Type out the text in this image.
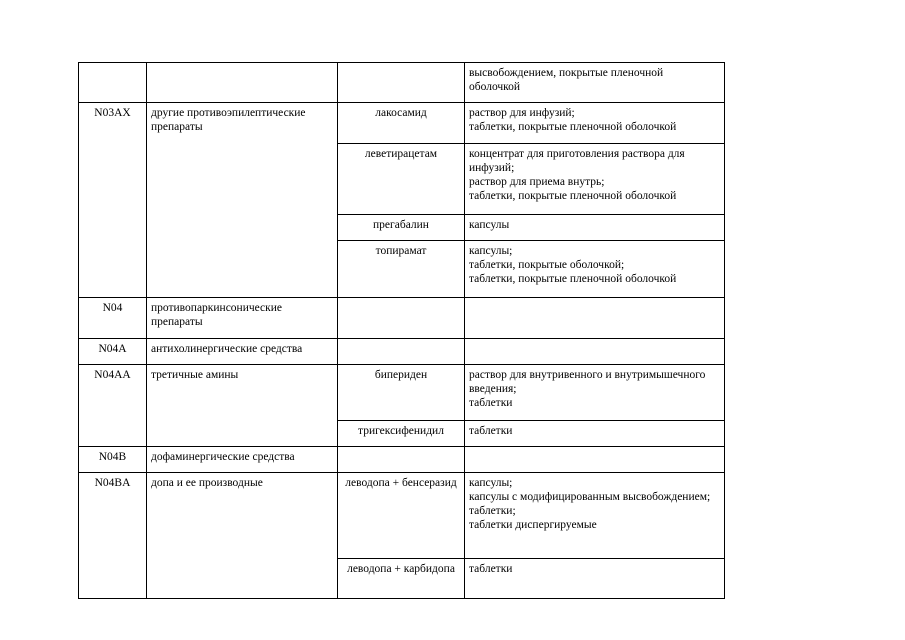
			высвобождением, покрытые пленочной
оболочкой

N03AX	другие противоэпилептические препараты	лакосамид	раствор для инфузий;
таблетки, покрытые пленочной оболочкой

		леветирацетам	концентрат для приготовления раствора для инфузий;
раствор для приема внутрь;
таблетки, покрытые пленочной оболочкой

		прегабалин	капсулы

		топирамат	капсулы;
таблетки, покрытые оболочкой;
таблетки, покрытые пленочной оболочкой

N04	противопаркинсонические препараты		
N04A	антихолинергические средства		
N04AA	третичные амины	бипериден	раствор для внутривенного и внутримышечного введения;
таблетки

		тригексифенидил	таблетки

N04B	дофаминергические средства		
N04BA	допа и ее производные	леводопа + бенсеразид	капсулы;
капсулы с модифицированным высвобождением;
таблетки;
таблетки диспергируемые

		леводопа + карбидопа	таблетки
